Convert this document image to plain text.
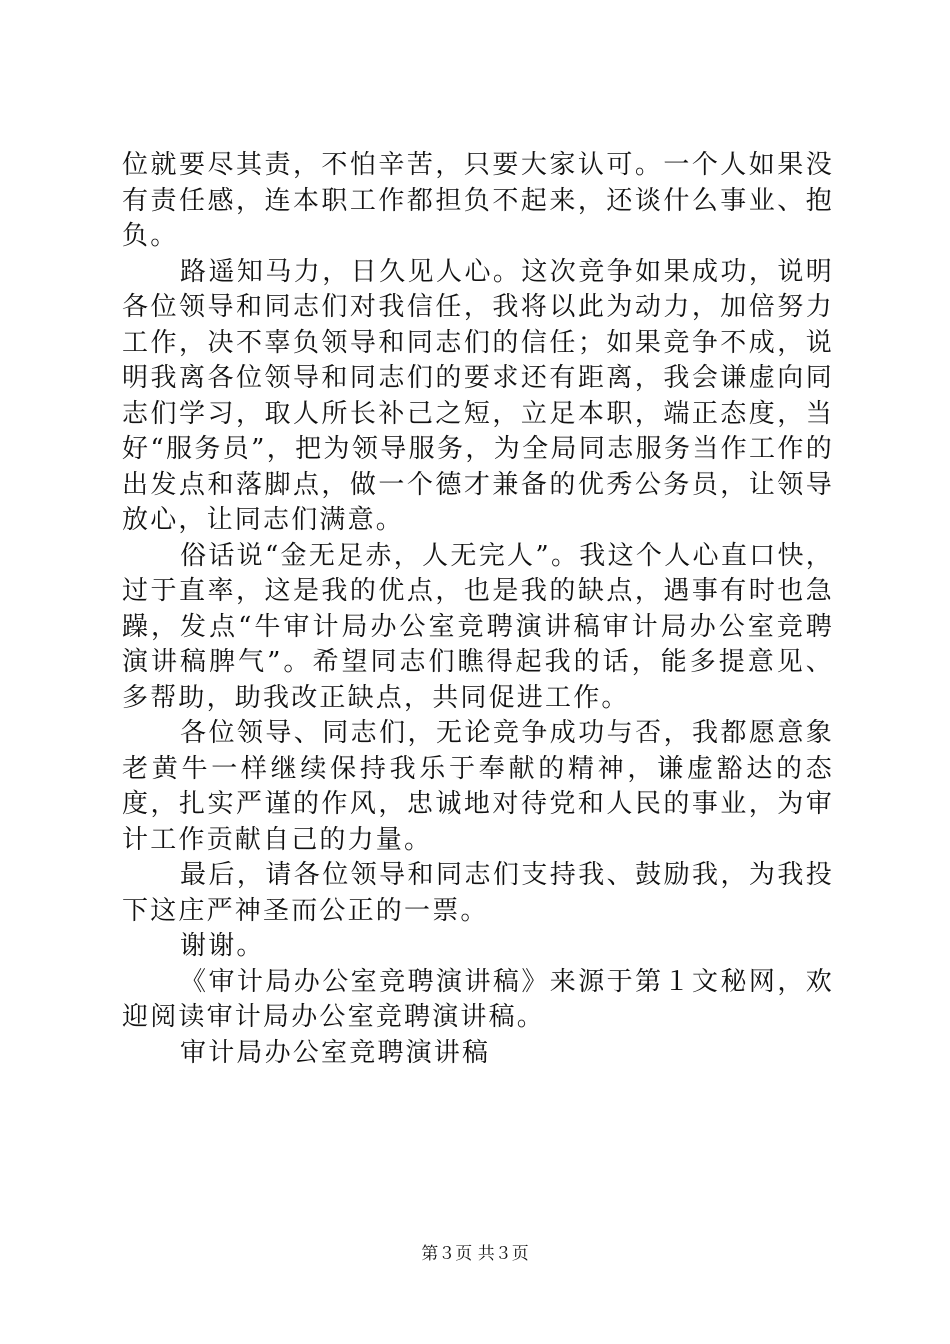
位就要尽其责，不怕辛苦，只要大家认可。一个人如果没有责任感，连本职工作都担负不起来，还谈什么事业、抱负。

路遥知马力，日久见人心。这次竞争如果成功，说明各位领导和同志们对我信任，我将以此为动力，加倍努力工作，决不辜负领导和同志们的信任；如果竞争不成，说明我离各位领导和同志们的要求还有距离，我会谦虚向同志们学习，取人所长补己之短，立足本职，端正态度，当好“服务员”，把为领导服务，为全局同志服务当作工作的出发点和落脚点，做一个德才兼备的优秀公务员，让领导放心，让同志们满意。

俗话说“金无足赤，人无完人”。我这个人心直口快，过于直率，这是我的优点，也是我的缺点，遇事有时也急躁，发点“牛审计局办公室竞聘演讲稿审计局办公室竞聘演讲稿脾气”。希望同志们瞧得起我的话，能多提意见、多帮助，助我改正缺点，共同促进工作。

各位领导、同志们，无论竞争成功与否，我都愿意象老黄牛一样继续保持我乐于奉献的精神，谦虚豁达的态度，扎实严谨的作风，忠诚地对待党和人民的事业，为审计工作贡献自己的力量。

最后，请各位领导和同志们支持我、鼓励我，为我投下这庄严神圣而公正的一票。

谢谢。

《审计局办公室竞聘演讲稿》来源于第１文秘网，欢迎阅读审计局办公室竞聘演讲稿。

审计局办公室竞聘演讲稿

第３页 共３页
